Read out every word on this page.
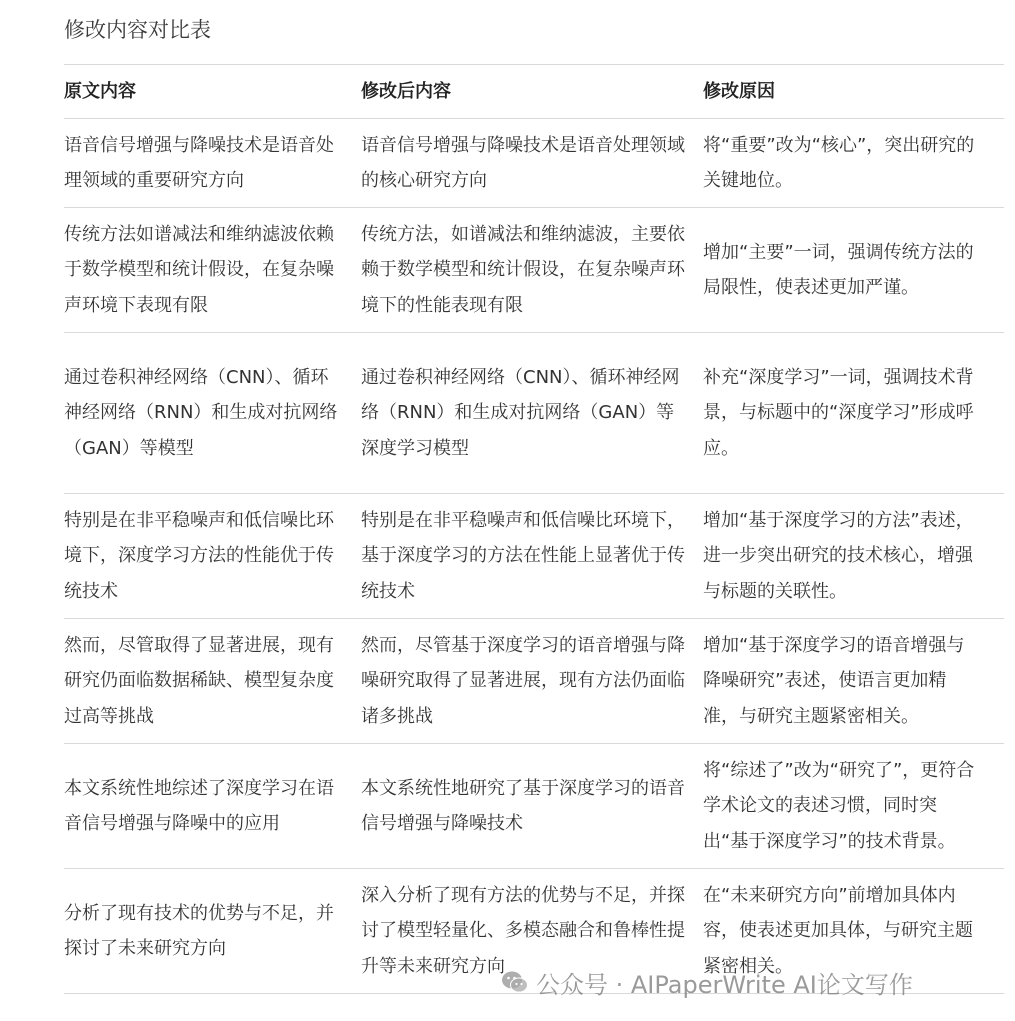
修改内容对比表
原文内容	修改后内容	修改原因
语音信号增强与降噪技术是语音处理领域的重要研究方向
语音信号增强与降噪技术是语音处理领域的核心研究方向
将“重要”改为“核心”，突出研究的关键地位。
传统方法如谱减法和维纳滤波依赖于数学模型和统计假设，在复杂噪声环境下表现有限
传统方法，如谱减法和维纳滤波，主要依赖于数学模型和统计假设，在复杂噪声环境下的性能表现有限
增加“主要”一词，强调传统方法的局限性，使表述更加严谨。
通过卷积神经网络（CNN）、循环神经网络（RNN）和生成对抗网络（GAN）等模型
通过卷积神经网络（CNN）、循环神经网络（RNN）和生成对抗网络（GAN）等深度学习模型
补充“深度学习”一词，强调技术背景，与标题中的“深度学习”形成呼应。
特别是在非平稳噪声和低信噪比环境下，深度学习方法的性能优于传统技术
特别是在非平稳噪声和低信噪比环境下，基于深度学习的方法在性能上显著优于传统技术
增加“基于深度学习的方法”表述，进一步突出研究的技术核心，增强与标题的关联性。
然而，尽管取得了显著进展，现有研究仍面临数据稀缺、模型复杂度过高等挑战
然而，尽管基于深度学习的语音增强与降噪研究取得了显著进展，现有方法仍面临诸多挑战
增加“基于深度学习的语音增强与降噪研究”表述，使语言更加精准，与研究主题紧密相关。
本文系统性地综述了深度学习在语音信号增强与降噪中的应用
本文系统性地研究了基于深度学习的语音信号增强与降噪技术
将“综述了”改为“研究了”，更符合学术论文的表述习惯，同时突出“基于深度学习”的技术背景。
分析了现有技术的优势与不足，并探讨了未来研究方向
深入分析了现有方法的优势与不足，并探讨了模型轻量化、多模态融合和鲁棒性提升等未来研究方向
在“未来研究方向”前增加具体内容，使表述更加具体，与研究主题紧密相关。
公众号 · AIPaperWrite AI论文写作
